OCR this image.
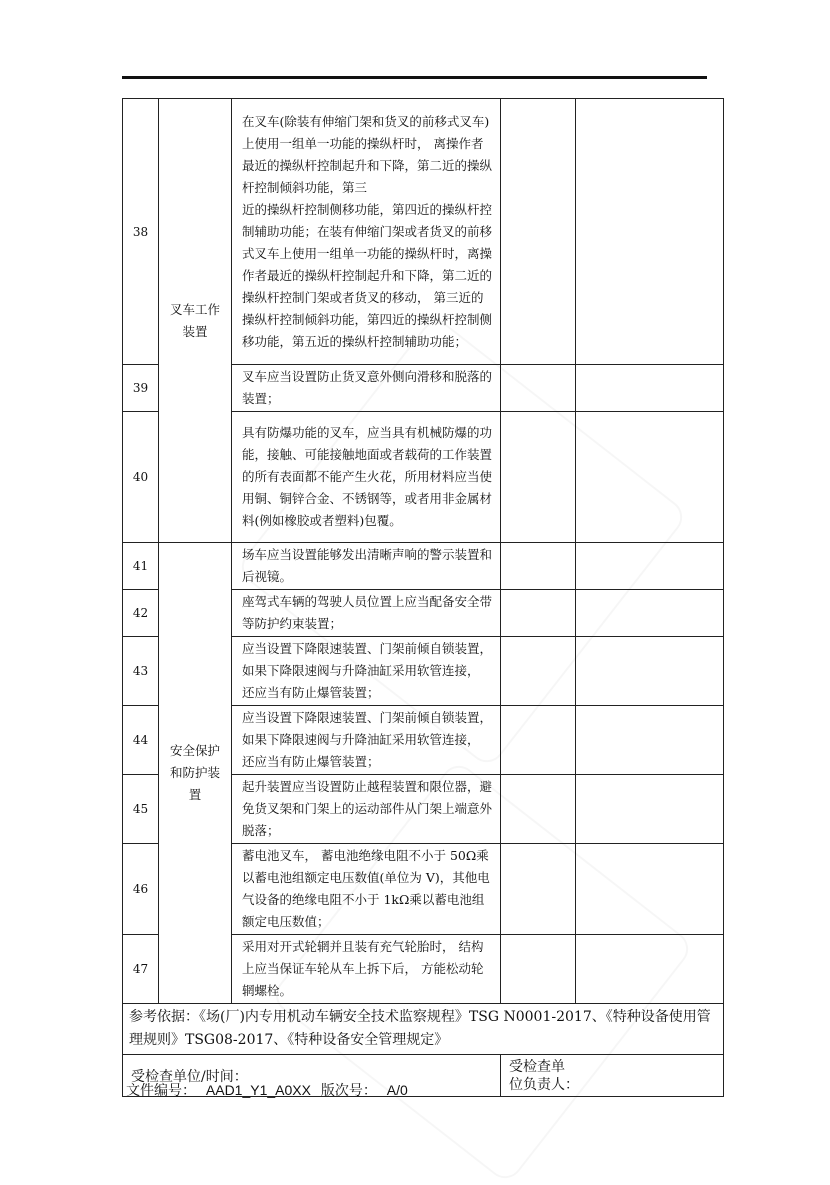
38	叉车工作装置	在叉车(除装有伸缩门架和货叉的前移式叉车)上使用一组单一功能的操纵杆时， 离操作者最近的操纵杆控制起升和下降，第二近的操纵杆控制倾斜功能，第三
近的操纵杆控制侧移功能，第四近的操纵杆控制辅助功能；在装有伸缩门架或者货叉的前移式叉车上使用一组单一功能的操纵杆时，离操作者最近的操纵杆控制起升和下降，第二近的操纵杆控制门架或者货叉的移动， 第三近的操纵杆控制倾斜功能，第四近的操纵杆控制侧移功能，第五近的操纵杆控制辅助功能；		
39		叉车应当设置防止货叉意外侧向滑移和脱落的装置；		
40		具有防爆功能的叉车，应当具有机械防爆的功能，接触、可能接触地面或者载荷的工作装置的所有表面都不能产生火花，所用材料应当使用铜、铜锌合金、不锈钢等，或者用非金属材料(例如橡胶或者塑料)包覆。		
41	安全保护和防护装置	场车应当设置能够发出清晰声响的警示装置和后视镜。		
42		座驾式车辆的驾驶人员位置上应当配备安全带等防护约束装置；		
43		应当设置下降限速装置、门架前倾自锁装置，如果下降限速阀与升降油缸采用软管连接， 还应当有防止爆管装置；		
44		应当设置下降限速装置、门架前倾自锁装置，如果下降限速阀与升降油缸采用软管连接， 还应当有防止爆管装置；		
45		起升装置应当设置防止越程装置和限位器，避免货叉架和门架上的运动部件从门架上端意外脱落；		
46		蓄电池叉车， 蓄电池绝缘电阻不小于 50Ω乘以蓄电池组额定电压数值(单位为 V)，其他电气设备的绝缘电阻不小于 1kΩ乘以蓄电池组额定电压数值；		
47		采用对开式轮辋并且装有充气轮胎时， 结构上应当保证车轮从车上拆下后， 方能松动轮辋螺栓。		
参考依据：《场(厂)内专用机动车辆安全技术监察规程》TSG N0001-2017、《特种设备使用管理规则》TSG08-2017、《特种设备安全管理规定》				
受检查单位/时间：			受检查单
位负责人：	
文件编号： AAD1_Y1_A0XX 版次号： A/0
